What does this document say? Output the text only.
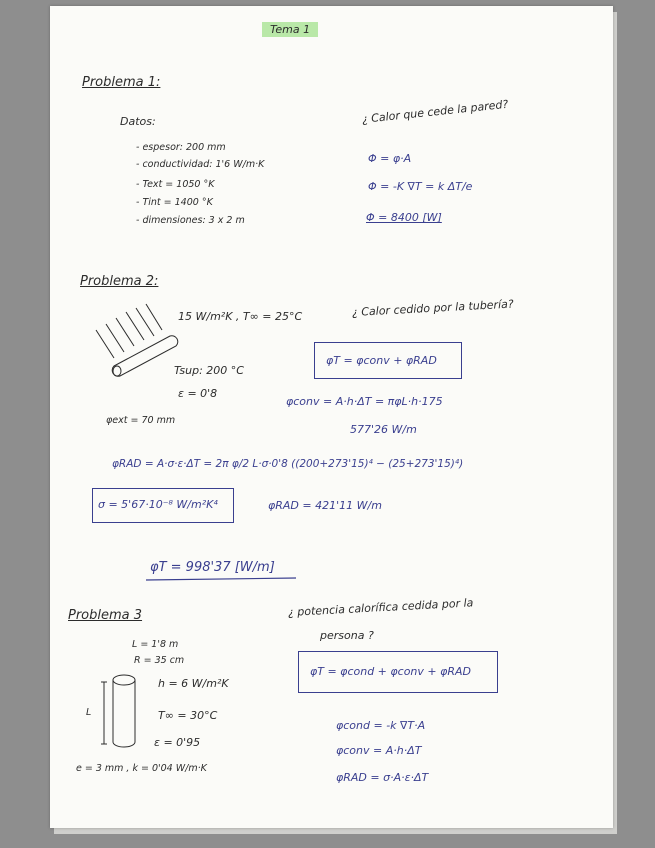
Tema 1
Problema 1:
Datos:
- espesor: 200 mm
- conductividad: 1'6 W/m·K
- Text = 1050 °K
- Tint = 1400 °K
- dimensiones: 3 x 2 m
¿ Calor que cede la pared?
Φ = φ·A
Φ = -K ∇T = k ΔT/e
Φ = 8400 [W]
Problema 2:
15 W/m²K , T∞ = 25°C	¿ Calor cedido por la tubería?
φT = φconv + φRAD
Tsup: 200 °C
ε = 0'8
φext = 70 mm
φconv = A·h·ΔT = πφL·h·175
577'26 W/m
φRAD = A·σ·ε·ΔT = 2π φ/2 L·σ·0'8 ((200+273'15)⁴ − (25+273'15)⁴)
σ = 5'67·10⁻⁸ W/m²K⁴	φRAD = 421'11 W/m
φT = 998'37 [W/m]
Problema 3	¿ potencia calorífica cedida por la
persona ?
L = 1'8 m
R = 35 cm
h = 6 W/m²K
T∞ = 30°C
ε = 0'95
e = 3 mm , k = 0'04 W/m·K
L
φT = φcond + φconv + φRAD
φcond = -k ∇T·A
φconv = A·h·ΔT
φRAD = σ·A·ε·ΔT
